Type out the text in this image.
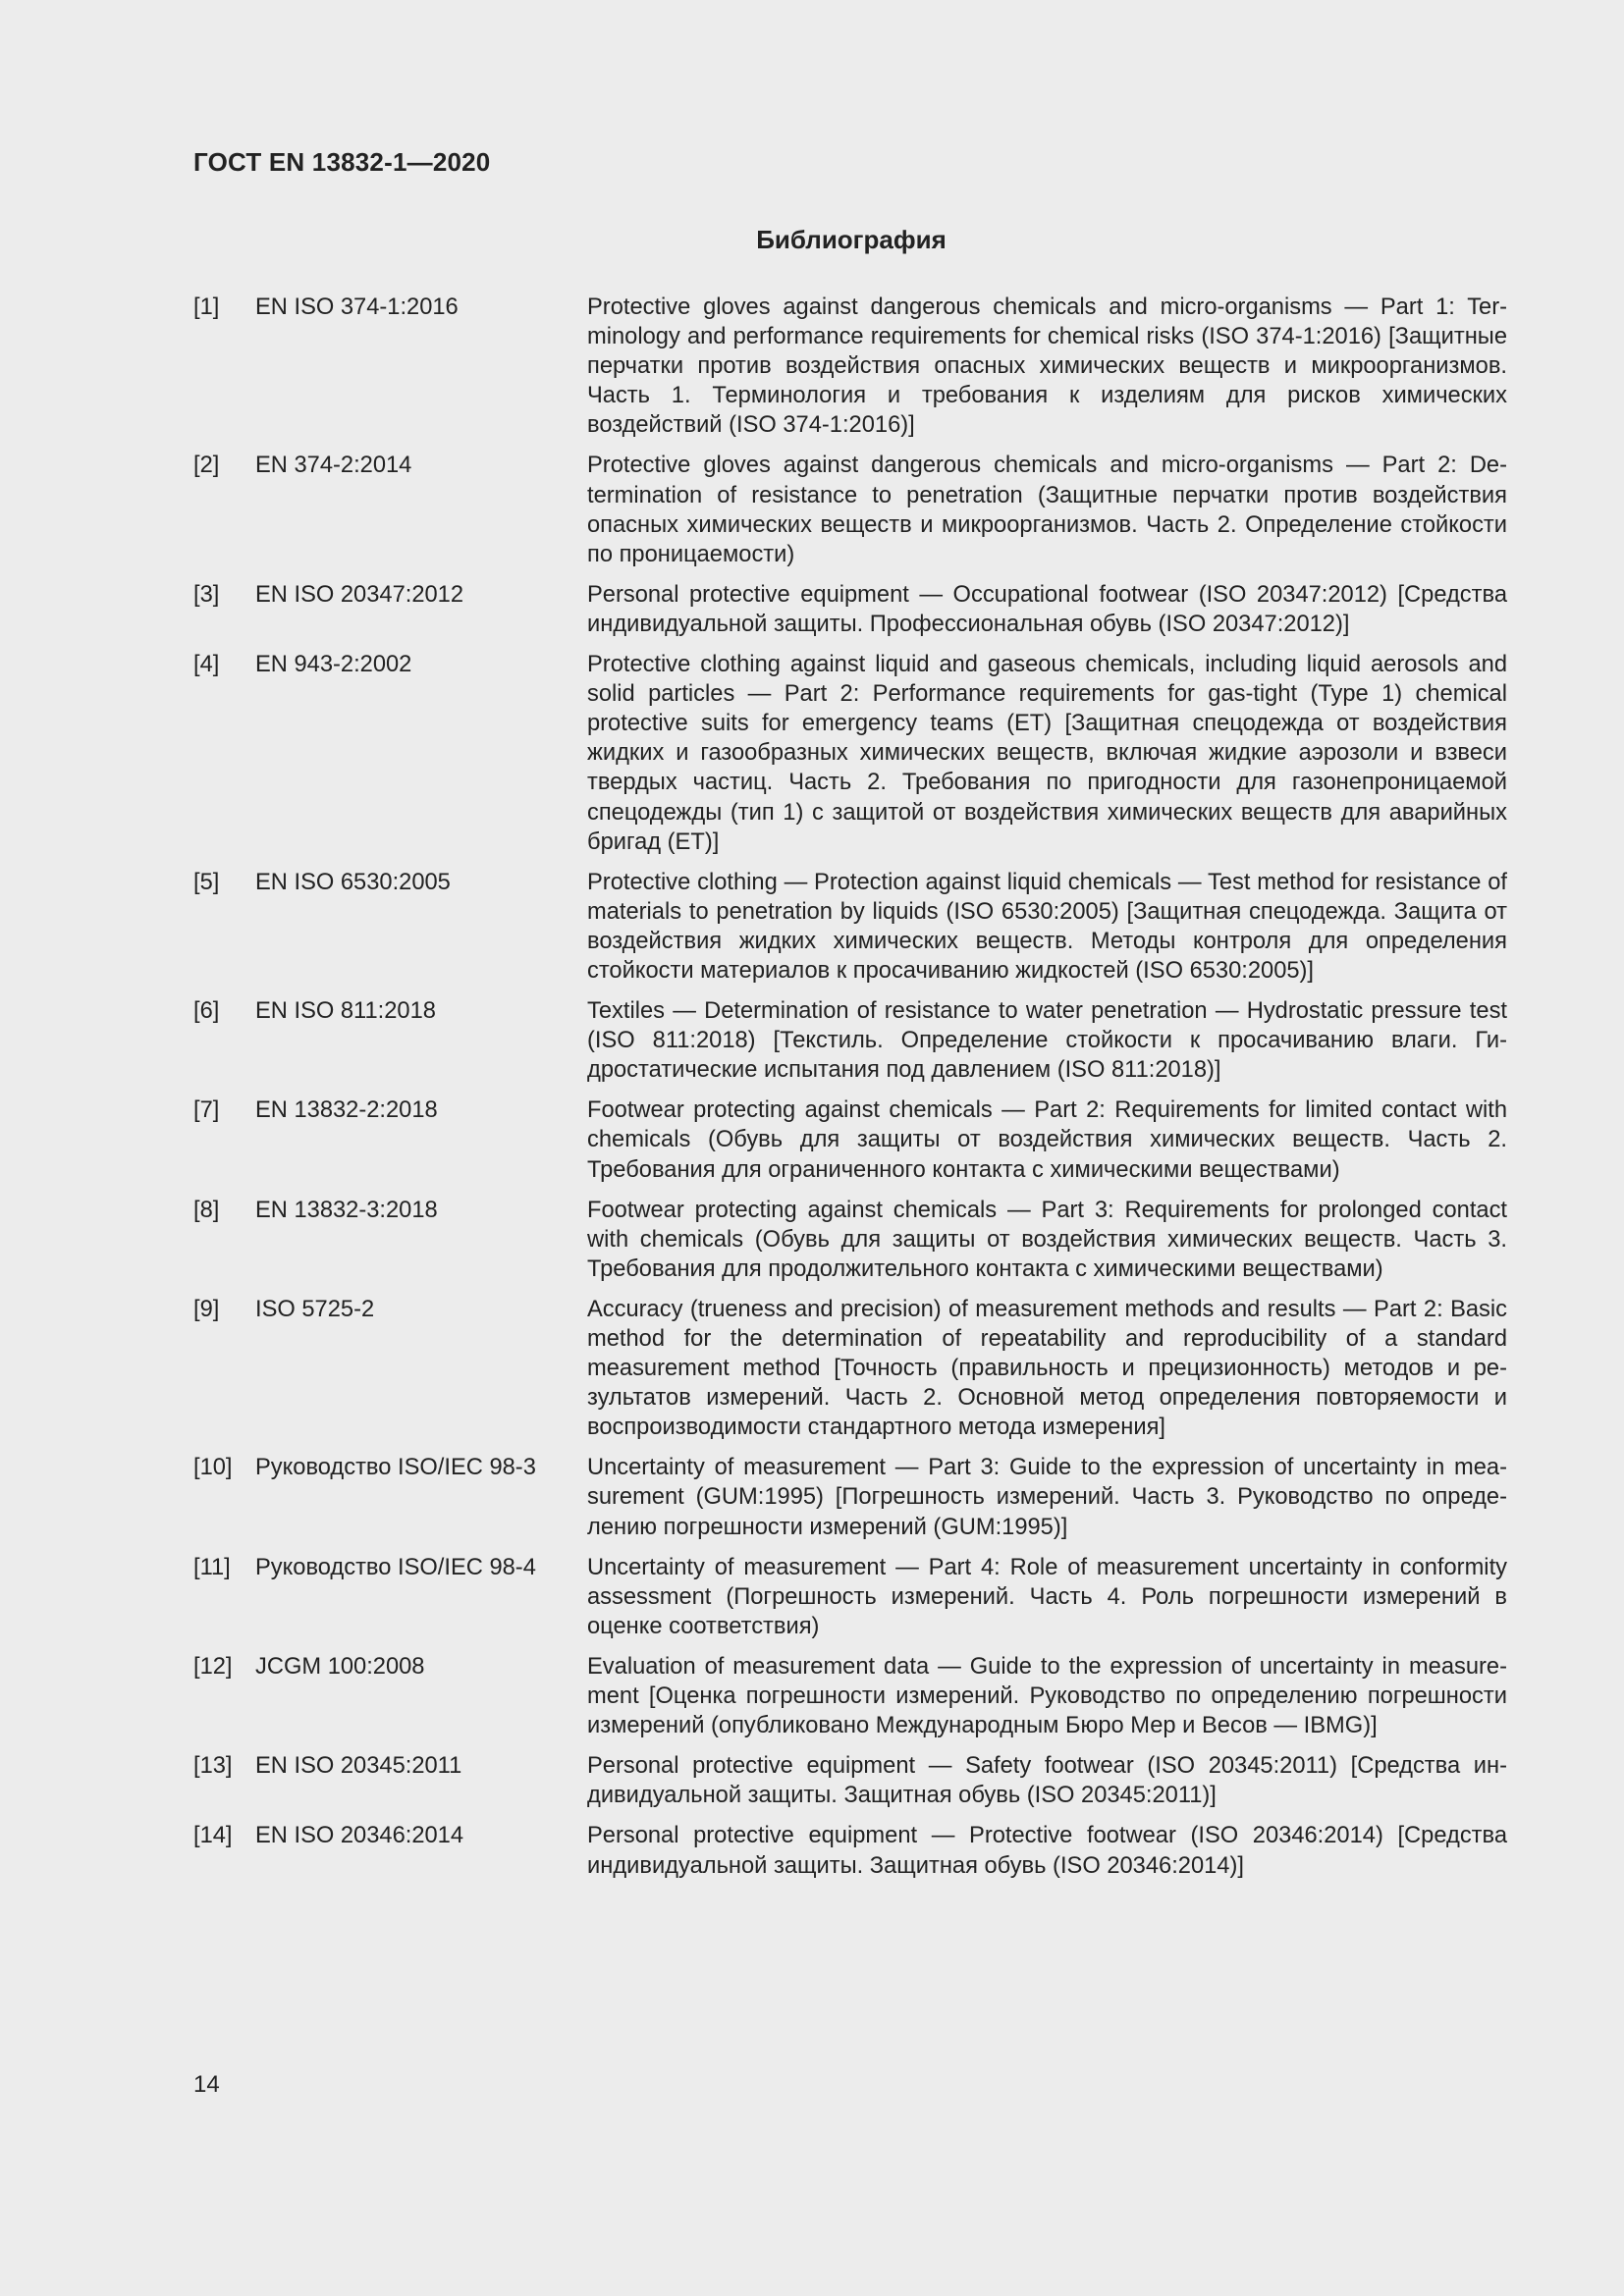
ГОСТ EN 13832-1—2020
Библиография
[1]	EN ISO 374-1:2016	Protective gloves against dangerous chemicals and micro-organisms — Part 1: Terminology and performance requirements for chemical risks (ISO 374-1:2016) [Защитные перчатки против воздействия опасных химических веществ и микроорганизмов. Часть 1. Терминология и требования к изделиям для рисков химических воздействий (ISO 374-1:2016)]
[2]	EN 374-2:2014	Protective gloves against dangerous chemicals and micro-organisms — Part 2: Determination of resistance to penetration (Защитные перчатки против воздействия опасных химических веществ и микроорганизмов. Часть 2. Определение стойкости по проницаемости)
[3]	EN ISO 20347:2012	Personal protective equipment — Occupational footwear (ISO 20347:2012) [Средства индивидуальной защиты. Профессиональная обувь (ISO 20347:2012)]
[4]	EN 943-2:2002	Protective clothing against liquid and gaseous chemicals, including liquid aerosols and solid particles — Part 2: Performance requirements for gas-tight (Type 1) chemical protective suits for emergency teams (ET) [Защитная спецодежда от воздействия жидких и газообразных химических веществ, включая жидкие аэрозоли и взвеси твердых частиц. Часть 2. Требования по пригодности для газонепроницаемой спецодежды (тип 1) с защитой от воздействия химических веществ для аварийных бригад (ET)]
[5]	EN ISO 6530:2005	Protective clothing — Protection against liquid chemicals — Test method for resistance of materials to penetration by liquids (ISO 6530:2005) [Защитная спецодежда. Защита от воздействия жидких химических веществ. Методы контроля для определения стойкости материалов к просачиванию жидкостей (ISO 6530:2005)]
[6]	EN ISO 811:2018	Textiles — Determination of resistance to water penetration — Hydrostatic pressure test (ISO 811:2018) [Текстиль. Определение стойкости к просачиванию влаги. Гидростатические испытания под давлением (ISO 811:2018)]
[7]	EN 13832-2:2018	Footwear protecting against chemicals — Part 2: Requirements for limited contact with chemicals (Обувь для защиты от воздействия химических веществ. Часть 2. Требования для ограниченного контакта с химическими веществами)
[8]	EN 13832-3:2018	Footwear protecting against chemicals — Part 3: Requirements for prolonged contact with chemicals (Обувь для защиты от воздействия химических веществ. Часть 3. Требования для продолжительного контакта с химическими веществами)
[9]	ISO 5725-2	Accuracy (trueness and precision) of measurement methods and results — Part 2: Basic method for the determination of repeatability and reproducibility of a standard measurement method [Точность (правильность и прецизионность) методов и результатов измерений. Часть 2. Основной метод определения повторяемости и воспроизводимости стандартного метода измерения]
[10] Руководство ISO/IEC 98-3	Uncertainty of measurement — Part 3: Guide to the expression of uncertainty in measurement (GUM:1995) [Погрешность измерений. Часть 3. Руководство по определению погрешности измерений (GUM:1995)]
[11]	Руководство ISO/IEC 98-4	Uncertainty of measurement — Part 4: Role of measurement uncertainty in conformity assessment (Погрешность измерений. Часть 4. Роль погрешности измерений в оценке соответствия)
[12] JCGM 100:2008	Evaluation of measurement data — Guide to the expression of uncertainty in measurement [Оценка погрешности измерений. Руководство по определению погрешности измерений (опубликовано Международным Бюро Мер и Весов — IBMG)]
[13] EN ISO 20345:2011	Personal protective equipment — Safety footwear (ISO 20345:2011) [Средства индивидуальной защиты. Защитная обувь (ISO 20345:2011)]
[14] EN ISO 20346:2014	Personal protective equipment — Protective footwear (ISO 20346:2014) [Средства индивидуальной защиты. Защитная обувь (ISO 20346:2014)]
14
